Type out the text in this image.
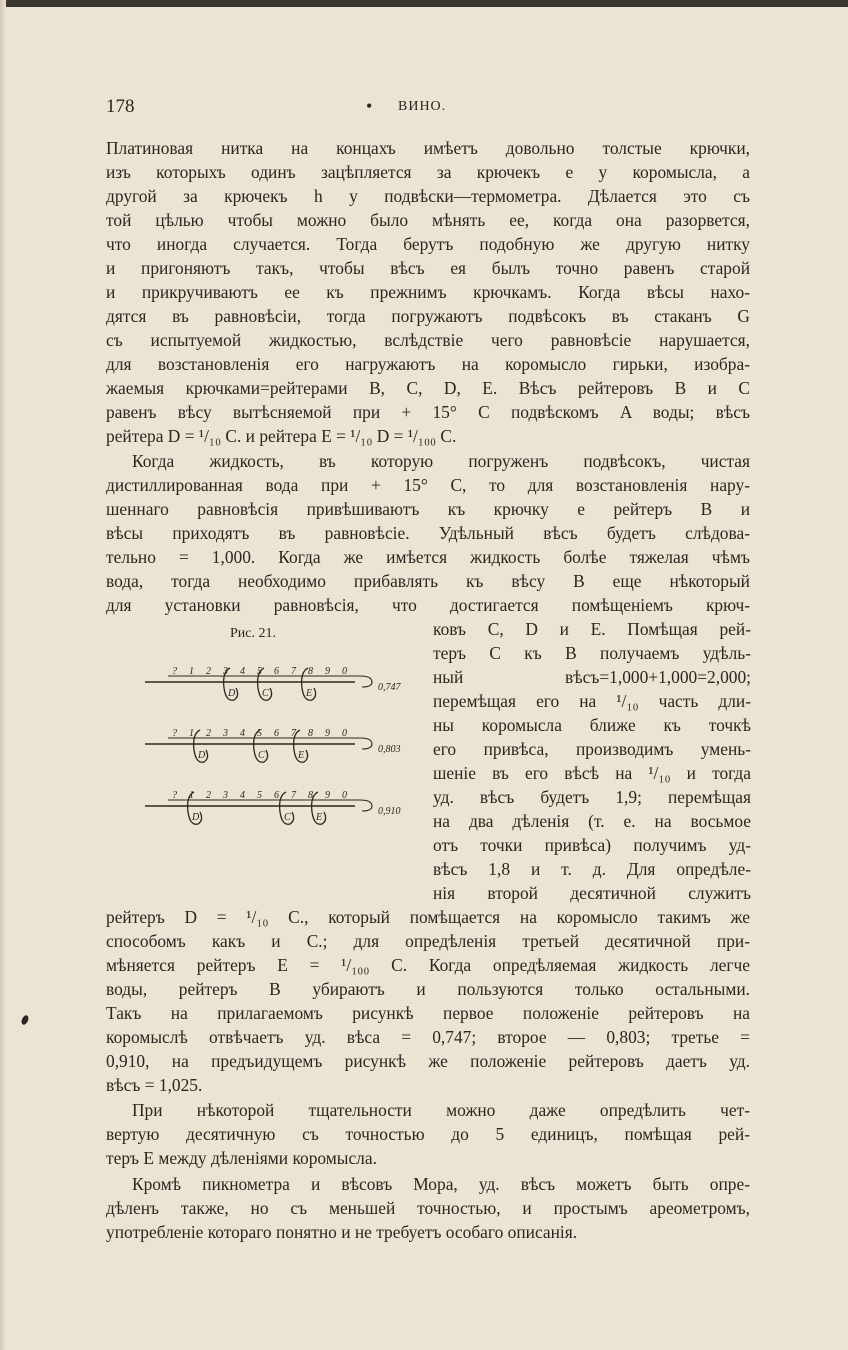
178	• ВИНО.
Платиновая нитка на концахъ имѣетъ довольно толстые крючки,
изъ которыхъ одинъ зацѣпляется за крючекъ е у коромысла, а
другой за крючекъ h у подвѣски—термометра. Дѣлается это съ
той цѣлью чтобы можно было мѣнять ее, когда она разорвется,
что иногда случается. Тогда берутъ подобную же другую нитку
и пригоняютъ такъ, чтобы вѣсъ ея былъ точно равенъ старой
и прикручиваютъ ее къ прежнимъ крючкамъ. Когда вѣсы нахо-
дятся въ равновѣсіи, тогда погружаютъ подвѣсокъ въ стаканъ G
съ испытуемой жидкостью, вслѣдствіе чего равновѣсіе нарушается,
для возстановленія его нагружаютъ на коромысло гирьки, изобра-
жаемыя крючками=рейтерами B, C, D, E. Вѣсъ рейтеровъ B и C
равенъ вѣсу вытѣсняемой при + 15° C подвѣскомъ A воды; вѣсъ
рейтера D = ¹/₁₀ C. и рейтера E = ¹/₁₀ D = ¹/₁₀₀ C.
Когда жидкость, въ которую погруженъ подвѣсокъ, чистая
дистиллированная вода при + 15° C, то для возстановленія нару-
шеннаго равновѣсія привѣшиваютъ къ крючку е рейтеръ B и
вѣсы приходятъ въ равновѣсіе. Удѣльный вѣсъ будетъ слѣдова-
тельно = 1,000. Когда же имѣется жидкость болѣе тяжелая чѣмъ
вода, тогда необходимо прибавлять къ вѣсу B еще нѣкоторый
для установки равновѣсія, что достигается помѣщеніемъ крюч-
ковъ C, D и E. Помѣщая рей-
теръ C къ B получаемъ удѣль-
ный вѣсъ=1,000+1,000=2,000;
перемѣщая его на ¹/₁₀ часть дли-
ны коромысла ближе къ точкѣ
его привѣса, производимъ умень-
шеніе въ его вѣсѣ на ¹/₁₀ и тогда
уд. вѣсъ будетъ 1,9; перемѣщая
на два дѣленія (т. е. на восьмое
отъ точки привѣса) получимъ уд-
вѣсъ 1,8 и т. д. Для опредѣле-
нія второй десятичной служитъ
рейтеръ D = ¹/₁₀ C., который помѣщается на коромысло такимъ же
способомъ какъ и C.; для опредѣленія третьей десятичной при-
мѣняется рейтеръ E = ¹/₁₀₀ C. Когда опредѣляемая жидкость легче
воды, рейтеръ B убираютъ и пользуются только остальными.
Такъ на прилагаемомъ рисункѣ первое положеніе рейтеровъ на
коромыслѣ отвѣчаетъ уд. вѣса = 0,747; второе — 0,803; третье =
0,910, на предъидущемъ рисункѣ же положеніе рейтеровъ даетъ уд.
вѣсъ = 1,025.
При нѣкоторой тщательности можно даже опредѣлить чет-
вертую десятичную съ точностью до 5 единицъ, помѣщая рей-
теръ E между дѣленіями коромысла.
Кромѣ пикнометра и вѣсовъ Мора, уд. вѣсъ можетъ быть опре-
дѣленъ также, но съ меньшей точностью, и простымъ ареометромъ,
употребленіе котораго понятно и не требуетъ особаго описанія.
Рис. 21.
? 1 2 3 4 5 6 7 8 9 0
D	C	E
0,747
? 1 2 3 4 5 6 7 8 9 0
D	C	E
0,803
? 1 2 3 4 5 6 7 8 9 0
D	C	E
0,910
